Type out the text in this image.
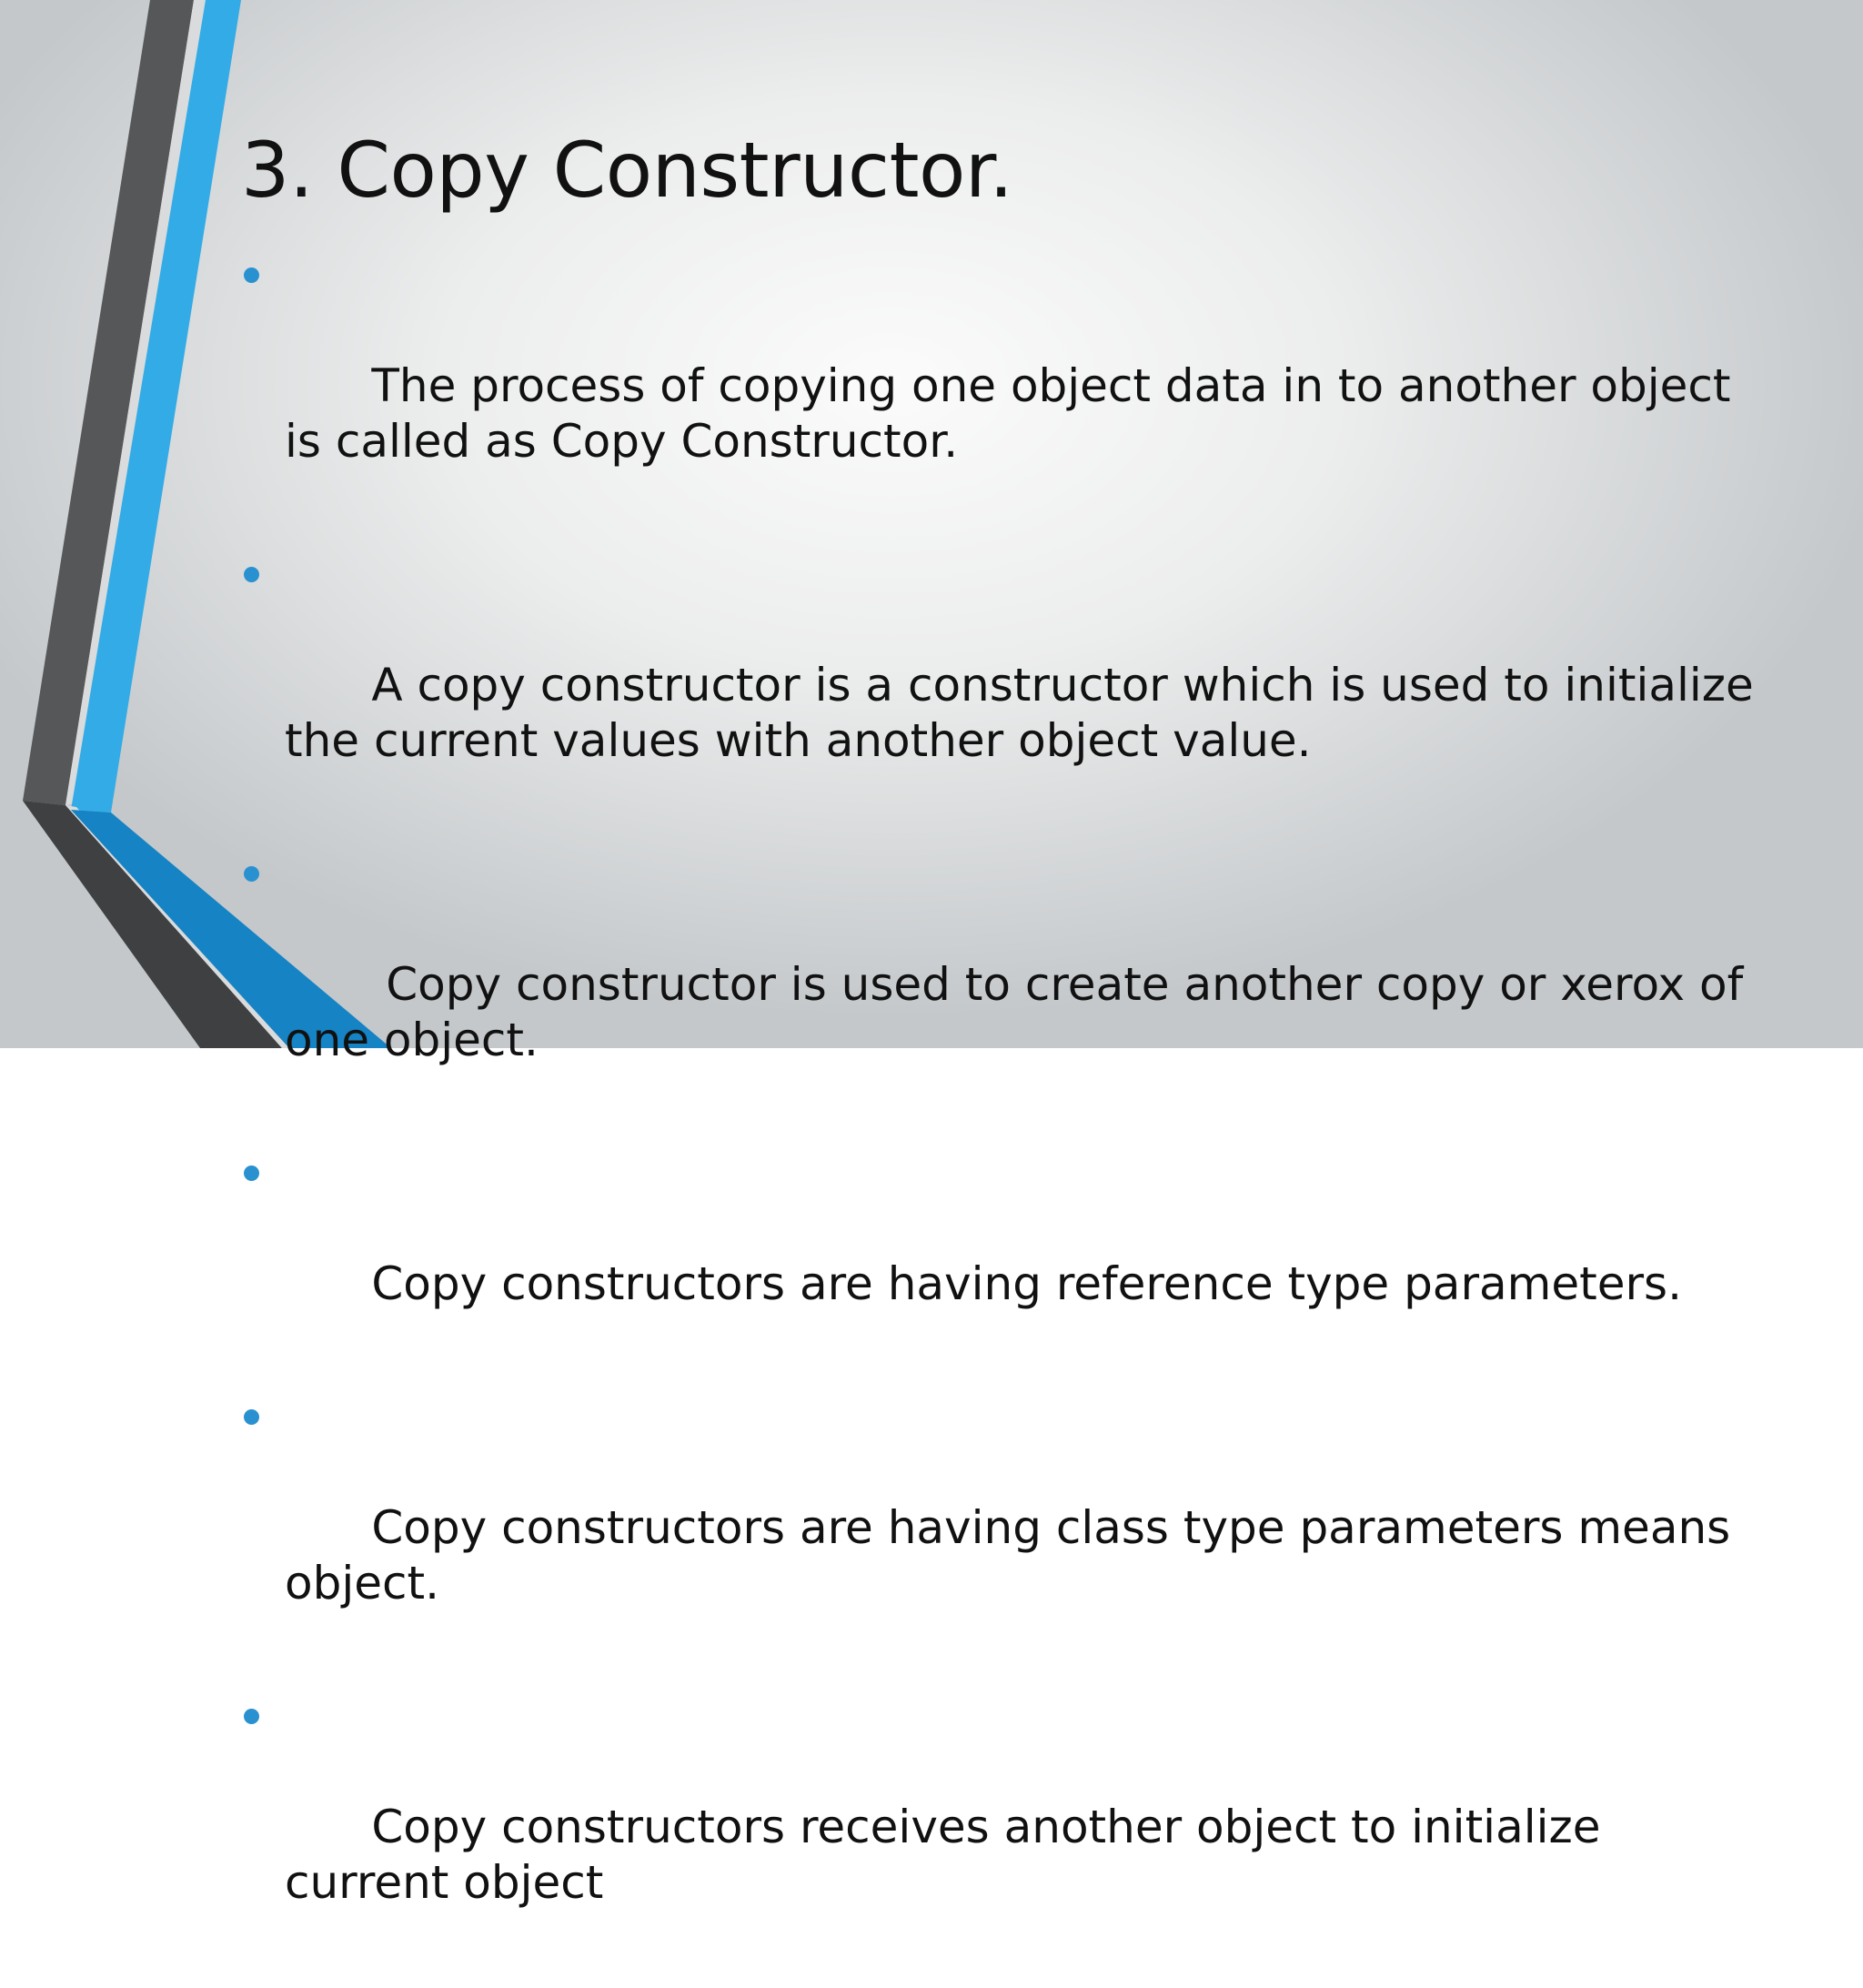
3. Copy Constructor.

The process of copying one object data in to another object is called as Copy Constructor.

A copy constructor is a constructor which is used to initialize the current values with another object value.

Copy constructor is used to create another copy or xerox of one object.

Copy constructors are having reference type parameters.

Copy constructors are having class type parameters means object.

Copy constructors receives another object to initialize current object
